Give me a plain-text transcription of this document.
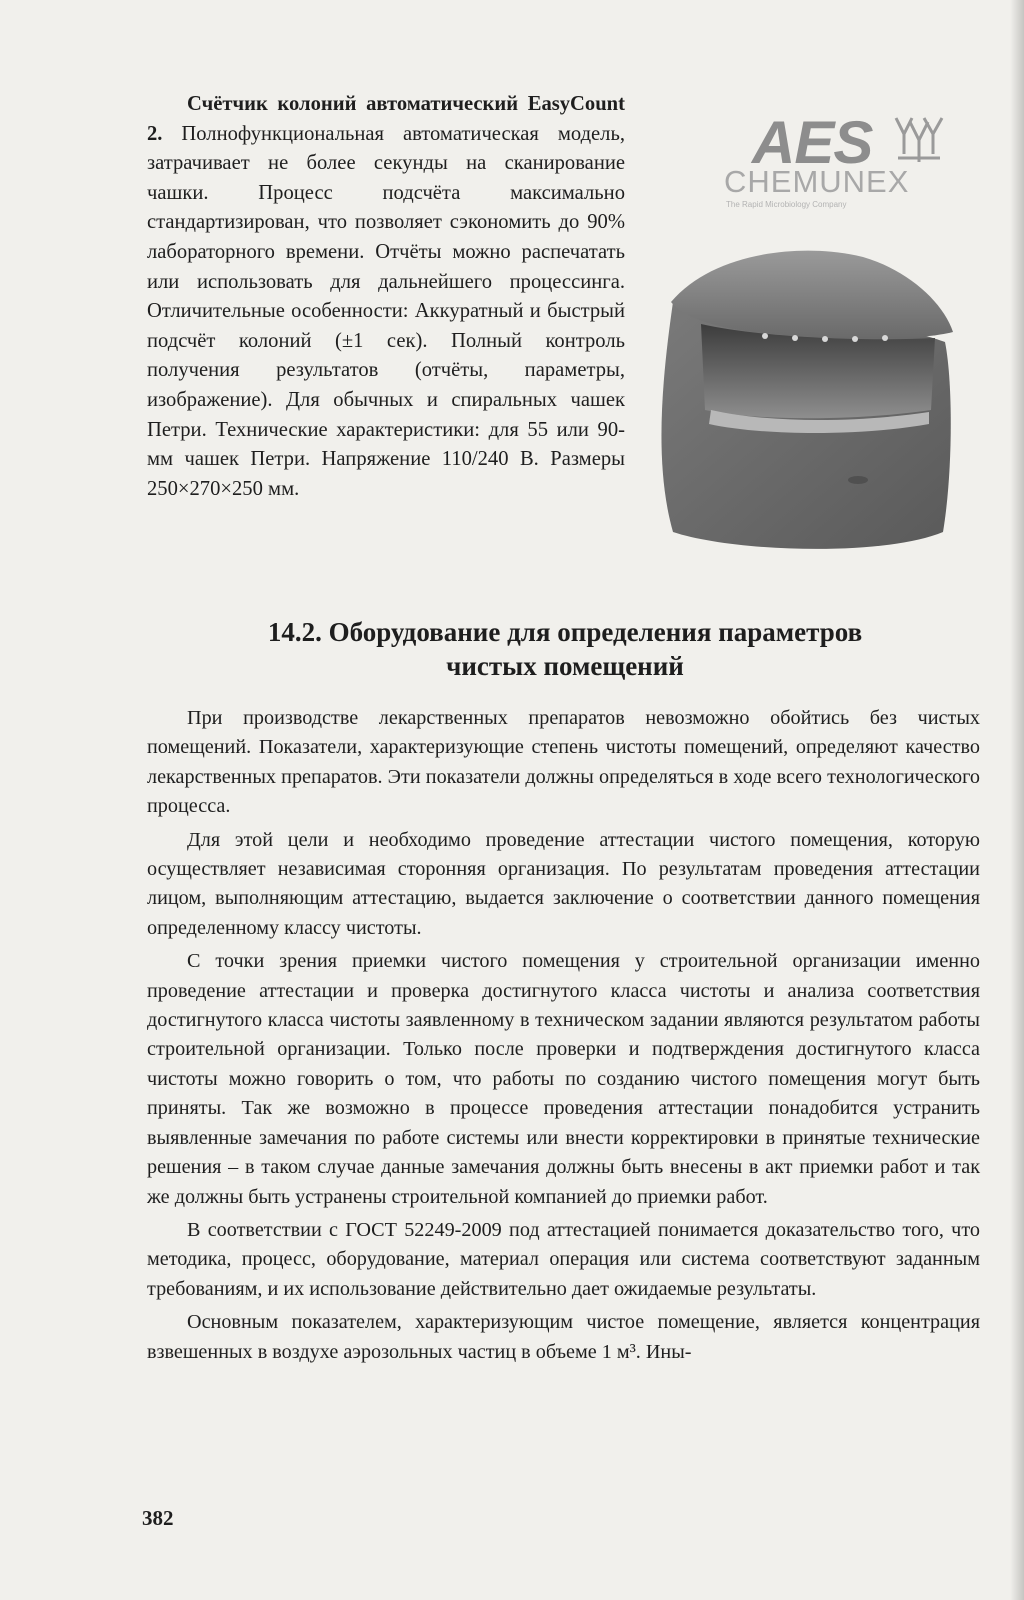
Счётчик колоний автоматический EasyCount 2. Полнофункциональная автоматическая модель, затрачивает не более секунды на сканирование чашки. Процесс подсчёта максимально стандартизирован, что позволяет сэкономить до 90% лабораторного времени. Отчёты можно распечатать или использовать для дальнейшего процессинга. Отличительные особенности: Аккуратный и быстрый подсчёт колоний (±1 сек). Полный контроль получения результатов (отчёты, параметры, изображение). Для обычных и спиральных чашек Петри. Технические характеристики: для 55 или 90-мм чашек Петри. Напряжение 110/240 В. Размеры 250×270×250 мм.

AES
CHEMUNEX
The Rapid Microbiology Company
14.2. Оборудование для определения параметров
чистых помещений

При производстве лекарственных препаратов невозможно обойтись без чистых помещений. Показатели, характеризующие степень чистоты помещений, определяют качество лекарственных препаратов. Эти показатели должны определяться в ходе всего технологического процесса.

Для этой цели и необходимо проведение аттестации чистого помещения, которую осуществляет независимая сторонняя организация. По результатам проведения аттестации лицом, выполняющим аттестацию, выдается заключение о соответствии данного помещения определенному классу чистоты.

С точки зрения приемки чистого помещения у строительной организации именно проведение аттестации и проверка достигнутого класса чистоты и анализа соответствия достигнутого класса чистоты заявленному в техническом задании являются результатом работы строительной организации. Только после проверки и подтверждения достигнутого класса чистоты можно говорить о том, что работы по созданию чистого помещения могут быть приняты. Так же возможно в процессе проведения аттестации понадобится устранить выявленные замечания по работе системы или внести корректировки в принятые технические решения – в таком случае данные замечания должны быть внесены в акт приемки работ и так же должны быть устранены строительной компанией до приемки работ.

В соответствии с ГОСТ 52249-2009 под аттестацией понимается доказательство того, что методика, процесс, оборудование, материал операция или система соответствуют заданным требованиям, и их использование действительно дает ожидаемые результаты.

Основным показателем, характеризующим чистое помещение, является концентрация взвешенных в воздухе аэрозольных частиц в объеме 1 м³. Ины-

382
